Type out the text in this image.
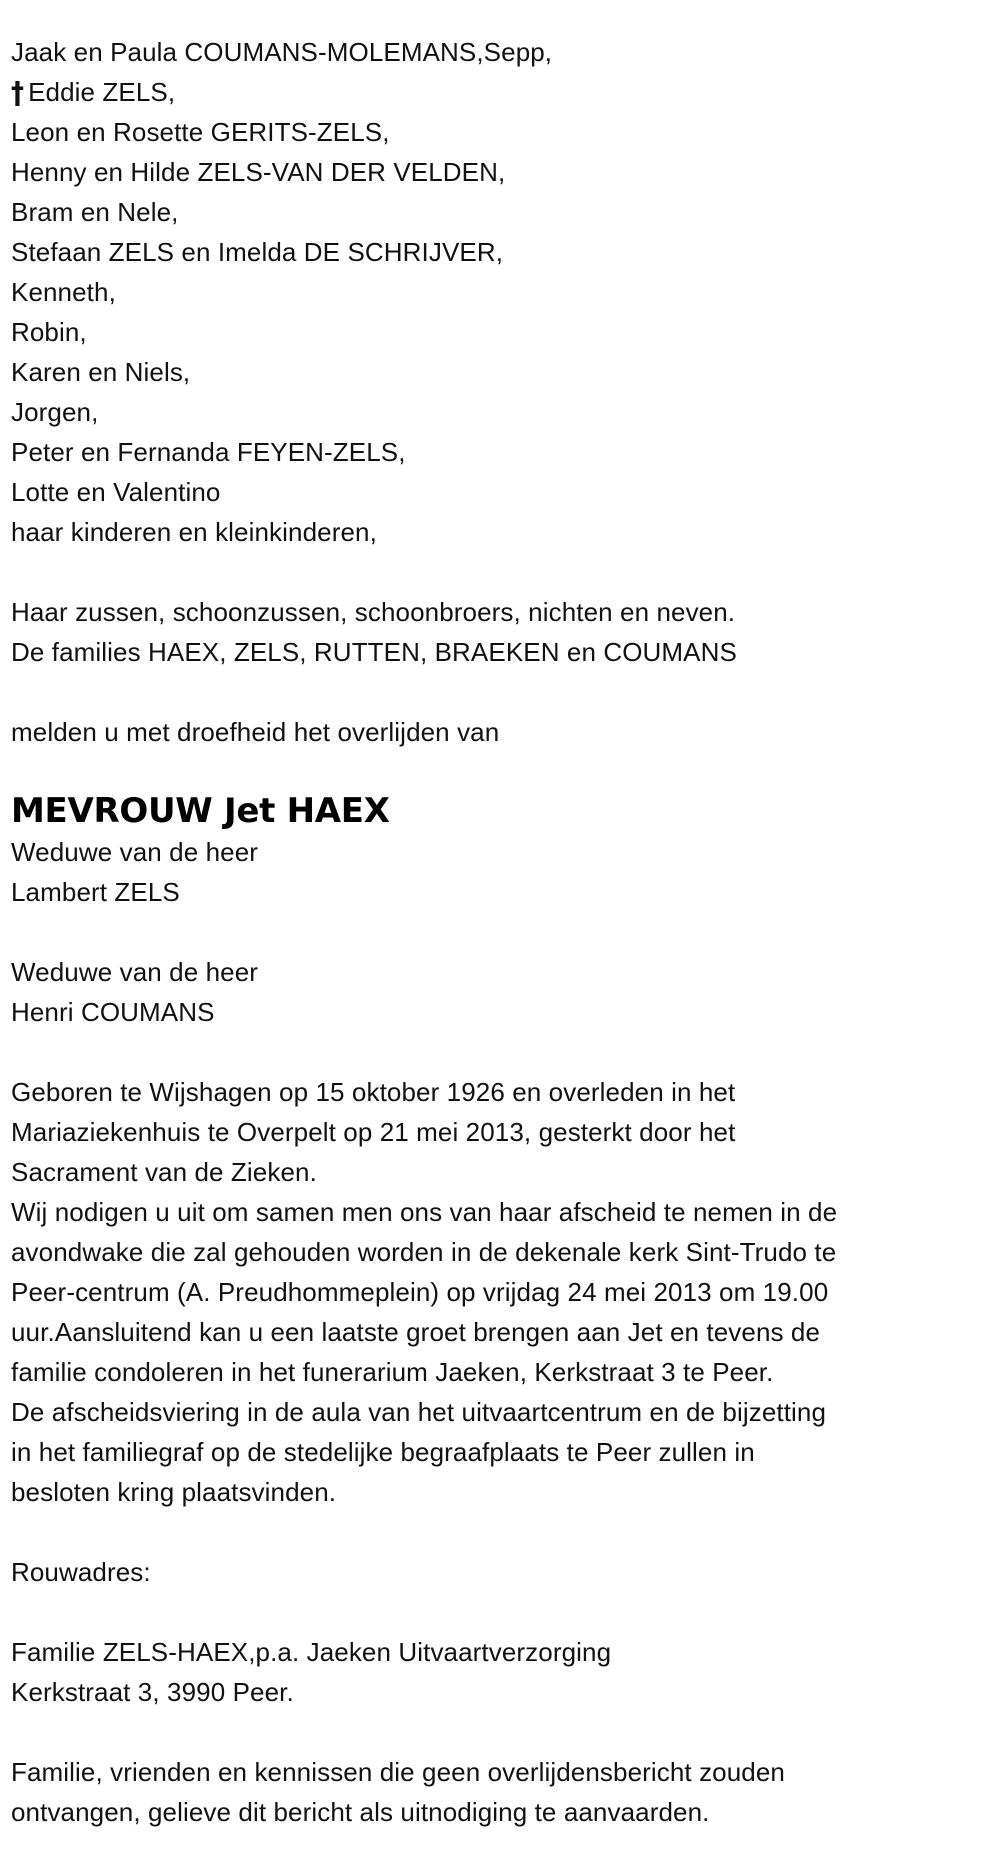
Jaak en Paula COUMANS-MOLEMANS,Sepp,
† Eddie ZELS,
Leon en Rosette GERITS-ZELS,
Henny en Hilde ZELS-VAN DER VELDEN,
Bram en Nele,
Stefaan ZELS en Imelda DE SCHRIJVER,
Kenneth,
Robin,
Karen en Niels,
Jorgen,
Peter en Fernanda FEYEN-ZELS,
Lotte en Valentino
haar kinderen en kleinkinderen,
Haar zussen, schoonzussen, schoonbroers, nichten en neven.
De families HAEX, ZELS, RUTTEN, BRAEKEN en COUMANS
melden u met droefheid het overlijden van
MEVROUW Jet HAEX
Weduwe van de heer
Lambert ZELS
Weduwe van de heer
Henri COUMANS
Geboren te Wijshagen op 15 oktober 1926 en overleden in het
Mariaziekenhuis te Overpelt op 21 mei 2013, gesterkt door het
Sacrament van de Zieken.
Wij nodigen u uit om samen men ons van haar afscheid te nemen in de
avondwake die zal gehouden worden in de dekenale kerk Sint-Trudo te
Peer-centrum (A. Preudhommeplein) op vrijdag 24 mei 2013 om 19.00
uur.Aansluitend kan u een laatste groet brengen aan Jet en tevens de
familie condoleren in het funerarium Jaeken, Kerkstraat 3 te Peer.
De afscheidsviering in de aula van het uitvaartcentrum en de bijzetting
in het familiegraf op de stedelijke begraafplaats te Peer zullen in
besloten kring plaatsvinden.
Rouwadres:
Familie ZELS-HAEX,p.a. Jaeken Uitvaartverzorging
Kerkstraat 3, 3990 Peer.
Familie, vrienden en kennissen die geen overlijdensbericht zouden
ontvangen, gelieve dit bericht als uitnodiging te aanvaarden.
